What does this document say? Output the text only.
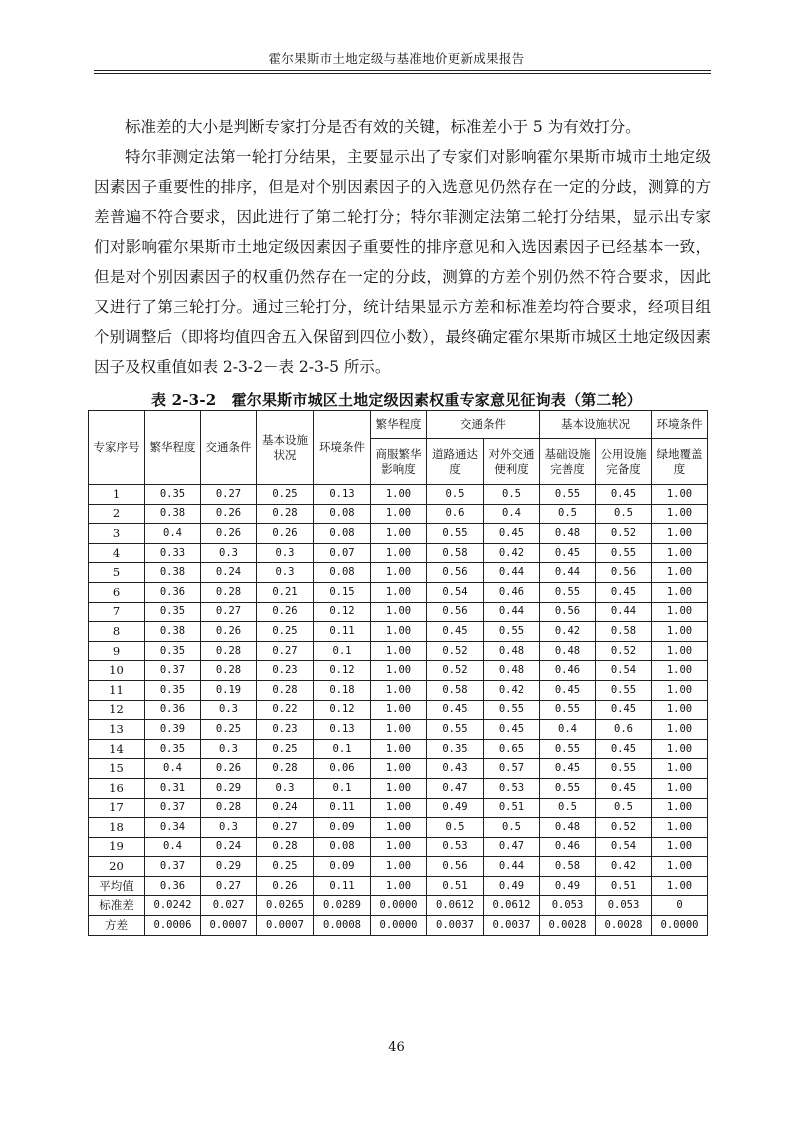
霍尔果斯市土地定级与基准地价更新成果报告

标准差的大小是判断专家打分是否有效的关键，标准差小于 5 为有效打分。

特尔菲测定法第一轮打分结果，主要显示出了专家们对影响霍尔果斯市城市土地定级因素因子重要性的排序，但是对个别因素因子的入选意见仍然存在一定的分歧，测算的方差普遍不符合要求，因此进行了第二轮打分；特尔菲测定法第二轮打分结果，显示出专家们对影响霍尔果斯市土地定级因素因子重要性的排序意见和入选因素因子已经基本一致，但是对个别因素因子的权重仍然存在一定的分歧，测算的方差个别仍然不符合要求，因此又进行了第三轮打分。通过三轮打分，统计结果显示方差和标准差均符合要求，经项目组个别调整后（即将均值四舍五入保留到四位小数），最终确定霍尔果斯市城区土地定级因素因子及权重值如表 2-3-2－表 2-3-5 所示。

表 2-3-2　霍尔果斯市城区土地定级因素权重专家意见征询表（第二轮）
专家序号	繁华程度	交通条件	基本设施状况	环境条件	繁华程度	交通条件		基本设施状况		环境条件
					商服繁华影响度	道路通达度	对外交通便利度	基础设施完善度	公用设施完备度	绿地覆盖度
1	0.35	0.27	0.25	0.13	1.00	0.5	0.5	0.55	0.45	1.00
2	0.38	0.26	0.28	0.08	1.00	0.6	0.4	0.5	0.5	1.00
3	0.4	0.26	0.26	0.08	1.00	0.55	0.45	0.48	0.52	1.00
4	0.33	0.3	0.3	0.07	1.00	0.58	0.42	0.45	0.55	1.00
5	0.38	0.24	0.3	0.08	1.00	0.56	0.44	0.44	0.56	1.00
6	0.36	0.28	0.21	0.15	1.00	0.54	0.46	0.55	0.45	1.00
7	0.35	0.27	0.26	0.12	1.00	0.56	0.44	0.56	0.44	1.00
8	0.38	0.26	0.25	0.11	1.00	0.45	0.55	0.42	0.58	1.00
9	0.35	0.28	0.27	0.1	1.00	0.52	0.48	0.48	0.52	1.00
10	0.37	0.28	0.23	0.12	1.00	0.52	0.48	0.46	0.54	1.00
11	0.35	0.19	0.28	0.18	1.00	0.58	0.42	0.45	0.55	1.00
12	0.36	0.3	0.22	0.12	1.00	0.45	0.55	0.55	0.45	1.00
13	0.39	0.25	0.23	0.13	1.00	0.55	0.45	0.4	0.6	1.00
14	0.35	0.3	0.25	0.1	1.00	0.35	0.65	0.55	0.45	1.00
15	0.4	0.26	0.28	0.06	1.00	0.43	0.57	0.45	0.55	1.00
16	0.31	0.29	0.3	0.1	1.00	0.47	0.53	0.55	0.45	1.00
17	0.37	0.28	0.24	0.11	1.00	0.49	0.51	0.5	0.5	1.00
18	0.34	0.3	0.27	0.09	1.00	0.5	0.5	0.48	0.52	1.00
19	0.4	0.24	0.28	0.08	1.00	0.53	0.47	0.46	0.54	1.00
20	0.37	0.29	0.25	0.09	1.00	0.56	0.44	0.58	0.42	1.00
平均值	0.36	0.27	0.26	0.11	1.00	0.51	0.49	0.49	0.51	1.00
标准差	0.0242	0.027	0.0265	0.0289	0.0000	0.0612	0.0612	0.053	0.053	0
方差	0.0006	0.0007	0.0007	0.0008	0.0000	0.0037	0.0037	0.0028	0.0028	0.0000
46
